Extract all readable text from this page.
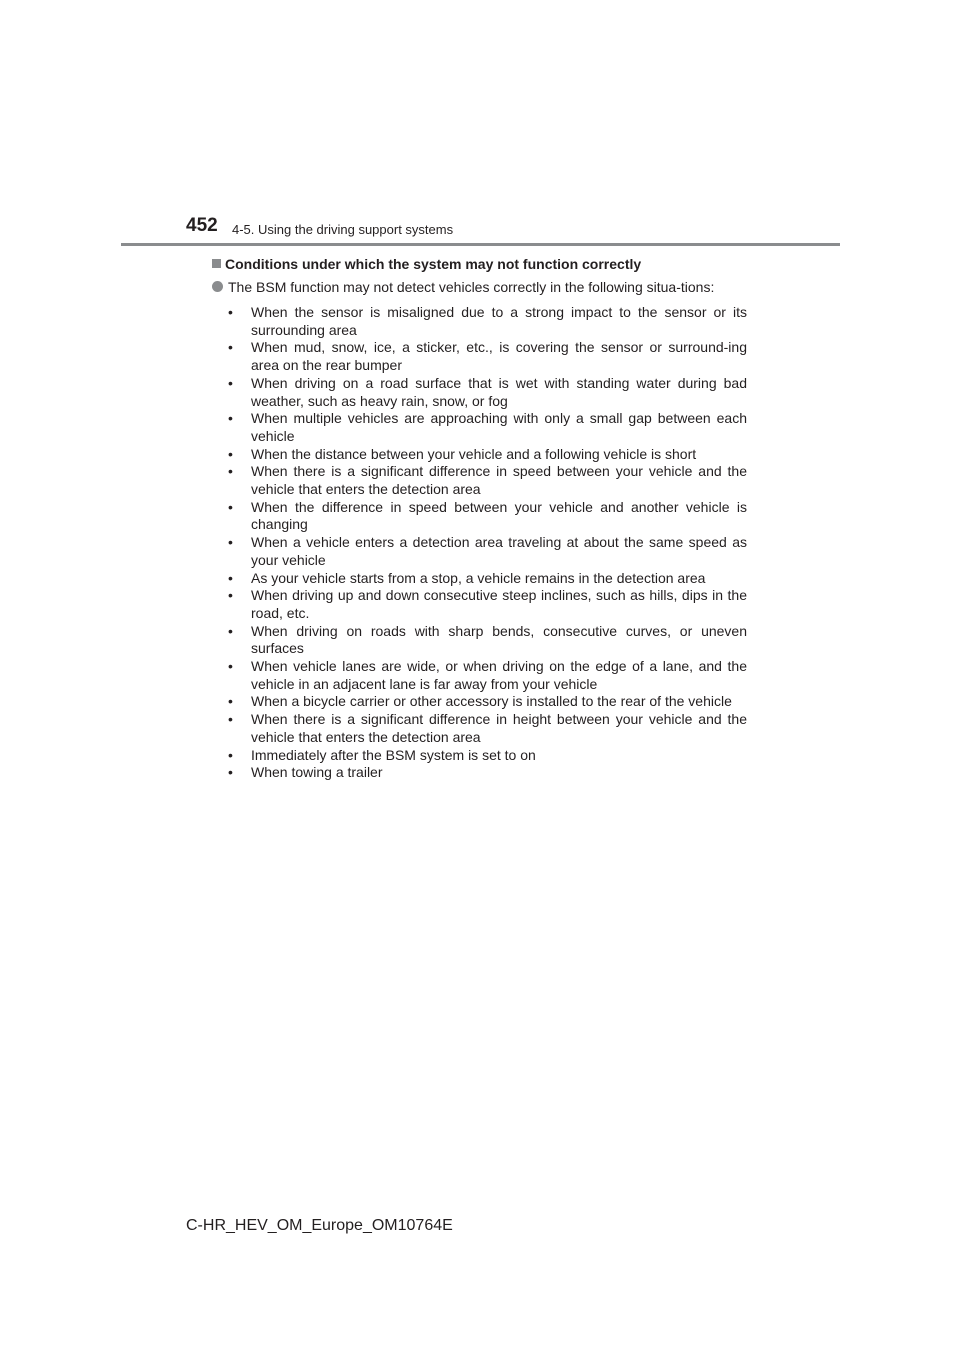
452 4-5. Using the driving support systems
Conditions under which the system may not function correctly
The BSM function may not detect vehicles correctly in the following situa-tions:
• When the sensor is misaligned due to a strong impact to the sensor or its surrounding area
• When mud, snow, ice, a sticker, etc., is covering the sensor or surround-ing area on the rear bumper
• When driving on a road surface that is wet with standing water during bad weather, such as heavy rain, snow, or fog
• When multiple vehicles are approaching with only a small gap between each vehicle
• When the distance between your vehicle and a following vehicle is short
• When there is a significant difference in speed between your vehicle and the vehicle that enters the detection area
• When the difference in speed between your vehicle and another vehicle is changing
• When a vehicle enters a detection area traveling at about the same speed as your vehicle
• As your vehicle starts from a stop, a vehicle remains in the detection area
• When driving up and down consecutive steep inclines, such as hills, dips in the road, etc.
• When driving on roads with sharp bends, consecutive curves, or uneven surfaces
• When vehicle lanes are wide, or when driving on the edge of a lane, and the vehicle in an adjacent lane is far away from your vehicle
• When a bicycle carrier or other accessory is installed to the rear of the vehicle
• When there is a significant difference in height between your vehicle and the vehicle that enters the detection area
• Immediately after the BSM system is set to on
• When towing a trailer
C-HR_HEV_OM_Europe_OM10764E
